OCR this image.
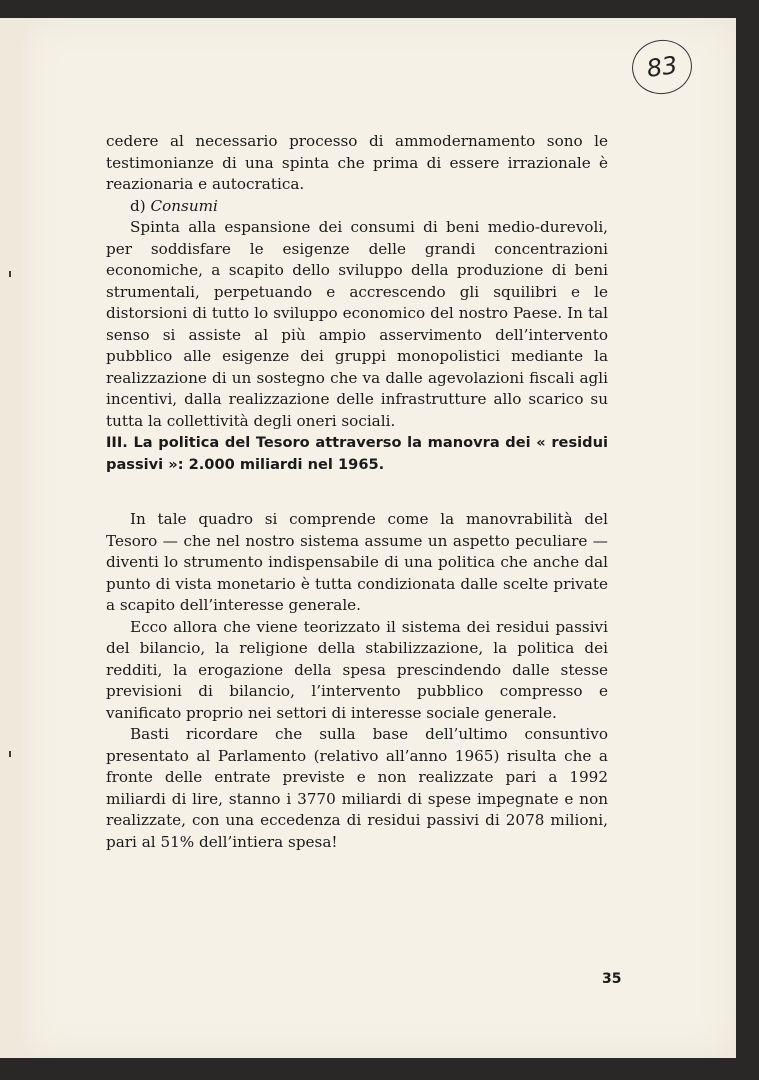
83

cedere al necessario processo di ammodernamento sono le testimonianze di una spinta che prima di essere irrazionale è reazionaria e autocratica.

d) Consumi

Spinta alla espansione dei consumi di beni medio-durevoli, per soddisfare le esigenze delle grandi concentrazioni economiche, a scapito dello sviluppo della produzione di beni strumentali, perpetuando e accrescendo gli squilibri e le distorsioni di tutto lo sviluppo economico del nostro Paese. In tal senso si assiste al più ampio asservimento dell’intervento pubblico alle esigenze dei gruppi monopolistici mediante la realizzazione di un sostegno che va dalle agevolazioni fiscali agli incentivi, dalla realizzazione delle infrastrutture allo scarico su tutta la collettività degli oneri sociali.

III. La politica del Tesoro attraverso la manovra dei « residui passivi »: 2.000 miliardi nel 1965.

In tale quadro si comprende come la manovrabilità del Tesoro — che nel nostro sistema assume un aspetto peculiare — diventi lo strumento indispensabile di una politica che anche dal punto di vista monetario è tutta condizionata dalle scelte private a scapito dell’interesse generale.

Ecco allora che viene teorizzato il sistema dei residui passivi del bilancio, la religione della stabilizzazione, la politica dei redditi, la erogazione della spesa prescindendo dalle stesse previsioni di bilancio, l’intervento pubblico compresso e vanificato proprio nei settori di interesse sociale generale.

Basti ricordare che sulla base dell’ultimo consuntivo presentato al Parlamento (relativo all’anno 1965) risulta che a fronte delle entrate previste e non realizzate pari a 1992 miliardi di lire, stanno i 3770 miliardi di spese impegnate e non realizzate, con una eccedenza di residui passivi di 2078 milioni, pari al 51% dell’intiera spesa!

35
